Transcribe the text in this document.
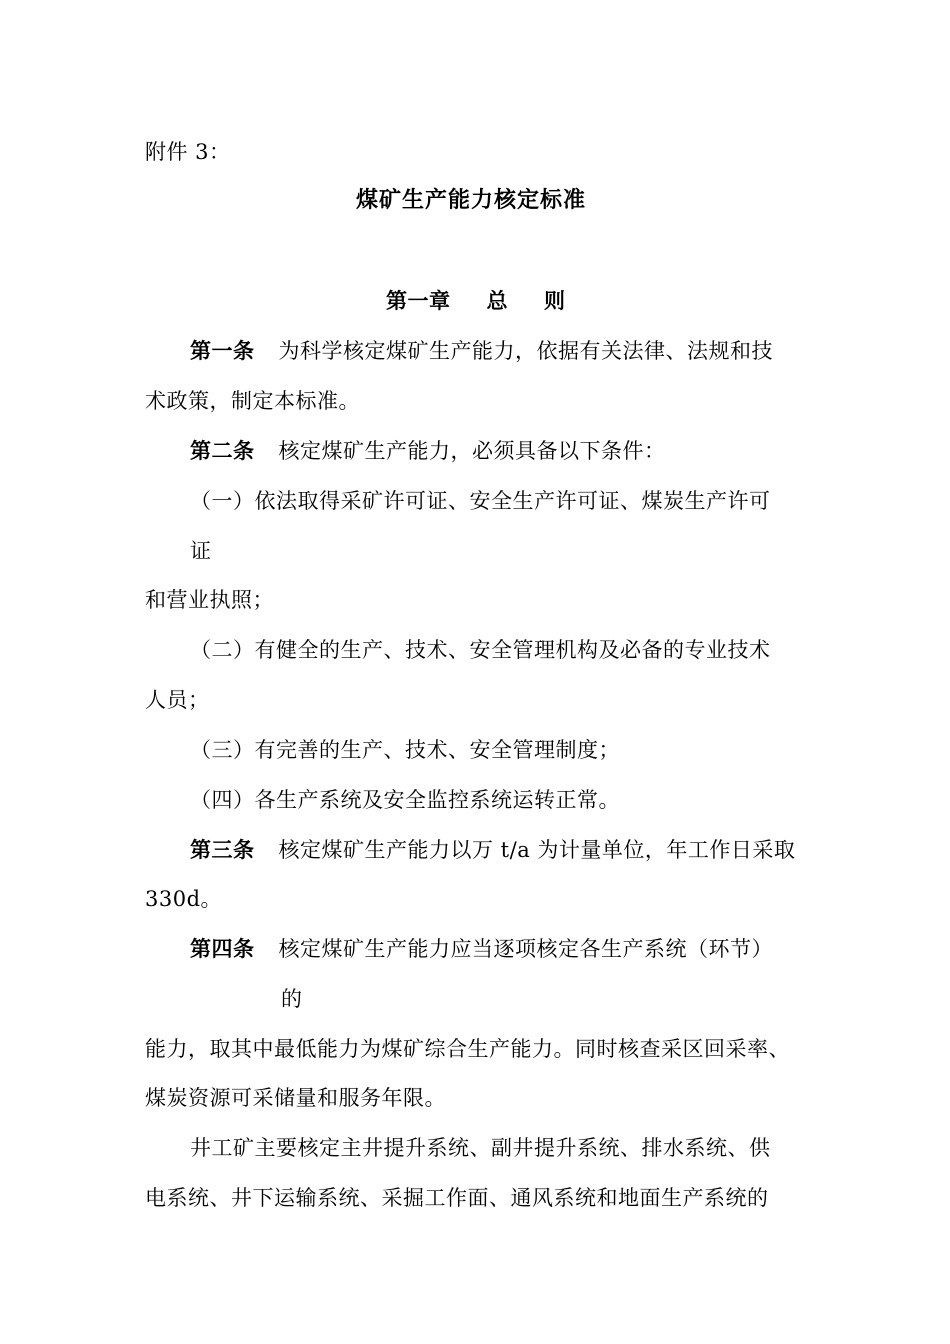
附件 3：
煤矿生产能力核定标准
第一章 总 则
第一条 为科学核定煤矿生产能力，依据有关法律、法规和技
术政策，制定本标准。
第二条 核定煤矿生产能力，必须具备以下条件：
（一）依法取得采矿许可证、安全生产许可证、煤炭生产许可
证
和营业执照；
（二）有健全的生产、技术、安全管理机构及必备的专业技术
人员；
（三）有完善的生产、技术、安全管理制度；
（四）各生产系统及安全监控系统运转正常。
第三条 核定煤矿生产能力以万 t/a 为计量单位，年工作日采取
330d。
第四条 核定煤矿生产能力应当逐项核定各生产系统（环节）
的
能力，取其中最低能力为煤矿综合生产能力。同时核查采区回采率、
煤炭资源可采储量和服务年限。
井工矿主要核定主井提升系统、副井提升系统、排水系统、供
电系统、井下运输系统、采掘工作面、通风系统和地面生产系统的
